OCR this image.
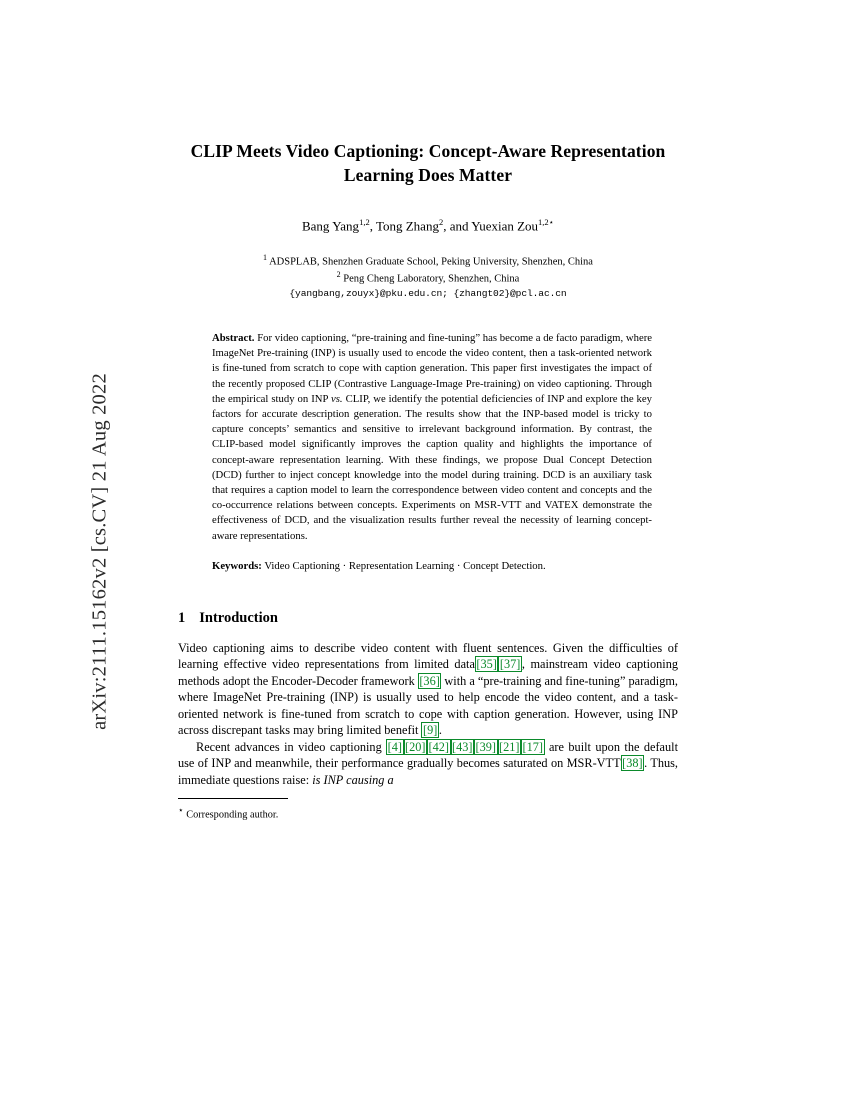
arXiv:2111.15162v2 [cs.CV] 21 Aug 2022
CLIP Meets Video Captioning: Concept-Aware Representation Learning Does Matter
Bang Yang$^{1,2}$, Tong Zhang$^2$, and Yuexian Zou$^{1,2⋆}$
$^1$ ADSPLAB, Shenzhen Graduate School, Peking University, Shenzhen, China
$^2$ Peng Cheng Laboratory, Shenzhen, China
{yangbang,zouyx}@pku.edu.cn; {zhangt02}@pcl.ac.cn
Abstract. For video captioning, “pre-training and fine-tuning” has become a de facto paradigm, where ImageNet Pre-training (INP) is usually used to encode the video content, then a task-oriented network is fine-tuned from scratch to cope with caption generation. This paper first investigates the impact of the recently proposed CLIP (Contrastive Language-Image Pre-training) on video captioning. Through the empirical study on INP vs. CLIP, we identify the potential deficiencies of INP and explore the key factors for accurate description generation. The results show that the INP-based model is tricky to capture concepts’ semantics and sensitive to irrelevant background information. By contrast, the CLIP-based model significantly improves the caption quality and highlights the importance of concept-aware representation learning. With these findings, we propose Dual Concept Detection (DCD) further to inject concept knowledge into the model during training. DCD is an auxiliary task that requires a caption model to learn the correspondence between video content and concepts and the co-occurrence relations between concepts. Experiments on MSR-VTT and VATEX demonstrate the effectiveness of DCD, and the visualization results further reveal the necessity of learning concept-aware representations.
Keywords: Video Captioning · Representation Learning · Concept Detection.
1 Introduction

Video captioning aims to describe video content with fluent sentences. Given the difficulties of learning effective video representations from limited data [35] [37] , mainstream video captioning methods adopt the Encoder-Decoder framework [36] with a “pre-training and fine-tuning” paradigm, where ImageNet Pre-training (INP) is usually used to help encode the video content, and a task-oriented network is fine-tuned from scratch to cope with caption generation. However, using INP across discrepant tasks may bring limited benefit [9] .

Recent advances in video captioning [4] [20] [42] [43] [39] [21] [17] are built upon the default use of INP and meanwhile, their performance gradually becomes saturated on MSR-VTT [38] . Thus, immediate questions raise: is INP causing a

⋆ Corresponding author.
